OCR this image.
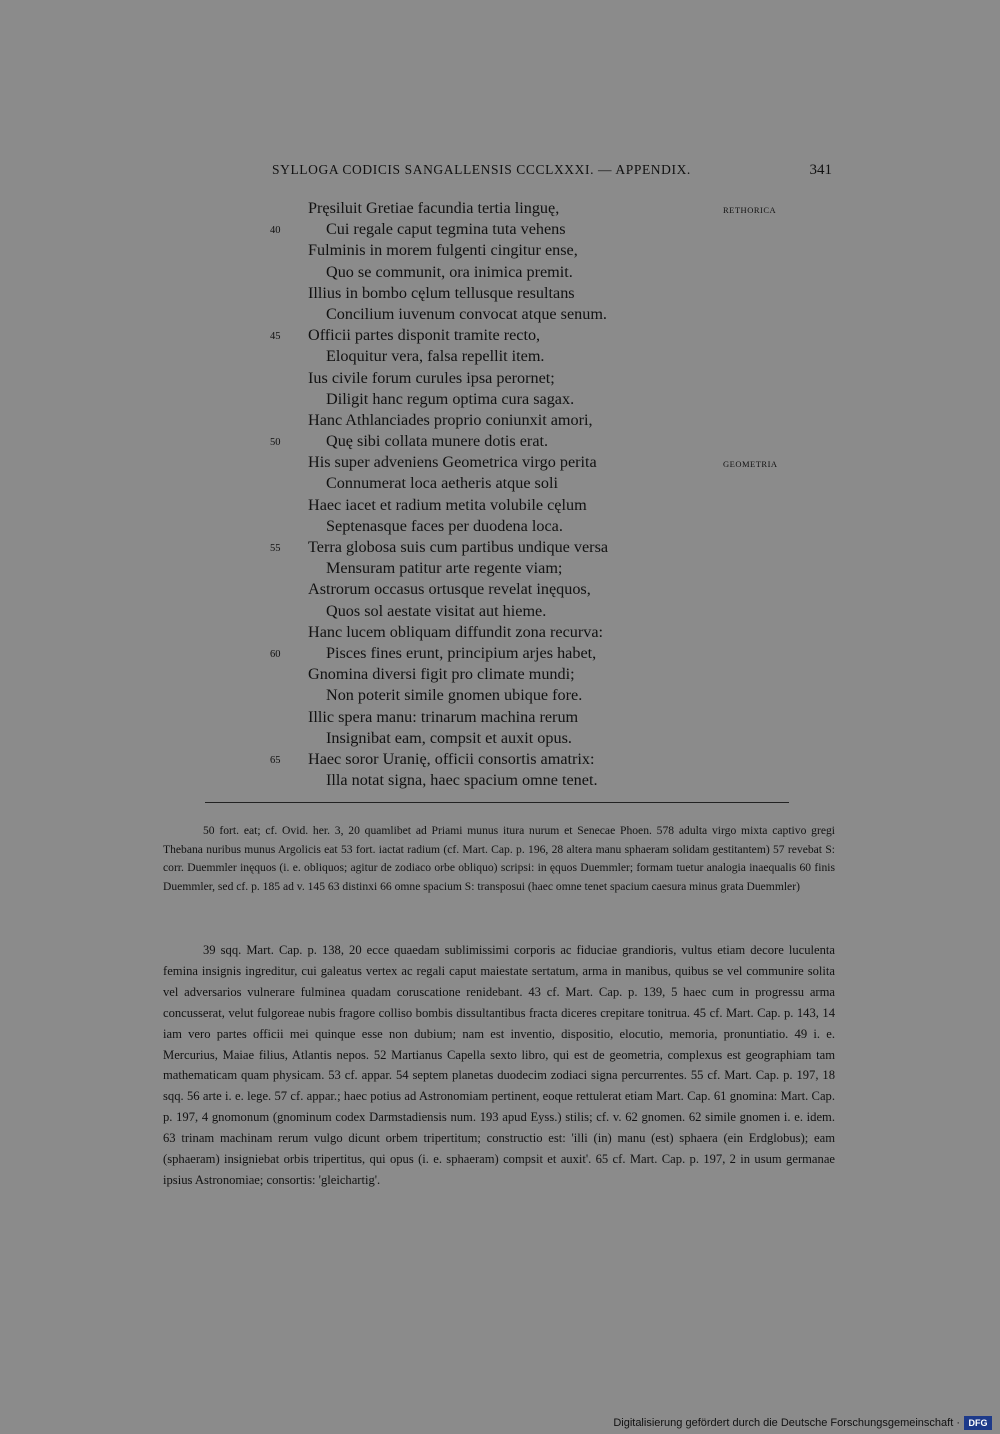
SYLLOGA CODICIS SANGALLENSIS CCCLXXXI. — APPENDIX.	341
Pręsiluit Gretiae facundia tertia linguę,	RETHORICA
40	Cui regale caput tegmina tuta vehens
Fulminis in morem fulgenti cingitur ense,
Quo se communit, ora inimica premit.
Illius in bombo cęlum tellusque resultans
Concilium iuvenum convocat atque senum.
45	Officii partes disponit tramite recto,
Eloquitur vera, falsa repellit item.
Ius civile forum curules ipsa perornet;
Diligit hanc regum optima cura sagax.
Hanc Athlanciades proprio coniunxit amori,
50	Quę sibi collata munere dotis erat.
His super adveniens Geometrica virgo perita	GEOMETRIA
Connumerat loca aetheris atque soli
Haec iacet et radium metita volubile cęlum
Septenasque faces per duodena loca.
55	Terra globosa suis cum partibus undique versa
Mensuram patitur arte regente viam;
Astrorum occasus ortusque revelat inęquos,
Quos sol aestate visitat aut hieme.
Hanc lucem obliquam diffundit zona recurva:
60	Pisces fines erunt, principium arjes habet,
Gnomina diversi figit pro climate mundi;
Non poterit simile gnomen ubique fore.
Illic spera manu: trinarum machina rerum
Insignibat eam, compsit et auxit opus.
65	Haec soror Uranię, officii consortis amatrix:
Illa notat signa, haec spacium omne tenet.

50 fort. eat; cf. Ovid. her. 3, 20 quamlibet ad Priami munus itura nurum et Senecae Phoen. 578 adulta virgo mixta captivo gregi Thebana nuribus munus Argolicis eat 53 fort. iactat radium (cf. Mart. Cap. p. 196, 28 altera manu sphaeram solidam gestitantem) 57 revebat S: corr. Duemmler inęquos (i. e. obliquos; agitur de zodiaco orbe obliquo) scripsi: in ęquos Duemmler; formam tuetur analogia inaequalis 60 finis Duemmler, sed cf. p. 185 ad v. 145 63 distinxi 66 omne spacium S: transposui (haec omne tenet spacium caesura minus grata Duemmler)

39 sqq. Mart. Cap. p. 138, 20 ecce quaedam sublimissimi corporis ac fiduciae grandioris, vultus etiam decore luculenta femina insignis ingreditur, cui galeatus vertex ac regali caput maiestate sertatum, arma in manibus, quibus se vel communire solita vel adversarios vulnerare fulminea quadam coruscatione renidebant. 43 cf. Mart. Cap. p. 139, 5 haec cum in progressu arma concusserat, velut fulgoreae nubis fragore colliso bombis dissultantibus fracta diceres crepitare tonitrua. 45 cf. Mart. Cap. p. 143, 14 iam vero partes officii mei quinque esse non dubium; nam est inventio, dispositio, elocutio, memoria, pronuntiatio. 49 i. e. Mercurius, Maiae filius, Atlantis nepos. 52 Martianus Capella sexto libro, qui est de geometria, complexus est geographiam tam mathematicam quam physicam. 53 cf. appar. 54 septem planetas duodecim zodiaci signa percurrentes. 55 cf. Mart. Cap. p. 197, 18 sqq. 56 arte i. e. lege. 57 cf. appar.; haec potius ad Astronomiam pertinent, eoque rettulerat etiam Mart. Cap. 61 gnomina: Mart. Cap. p. 197, 4 gnomonum (gnominum codex Darmstadiensis num. 193 apud Eyss.) stilis; cf. v. 62 gnomen. 62 simile gnomen i. e. idem. 63 trinam machinam rerum vulgo dicunt orbem tripertitum; constructio est: 'illi (in) manu (est) sphaera (ein Erdglobus); eam (sphaeram) insigniebat orbis tripertitus, qui opus (i. e. sphaeram) compsit et auxit'. 65 cf. Mart. Cap. p. 197, 2 in usum germanae ipsius Astronomiae; consortis: 'gleichartig'.

Digitalisierung gefördert durch die Deutsche Forschungsgemeinschaft · DFG
